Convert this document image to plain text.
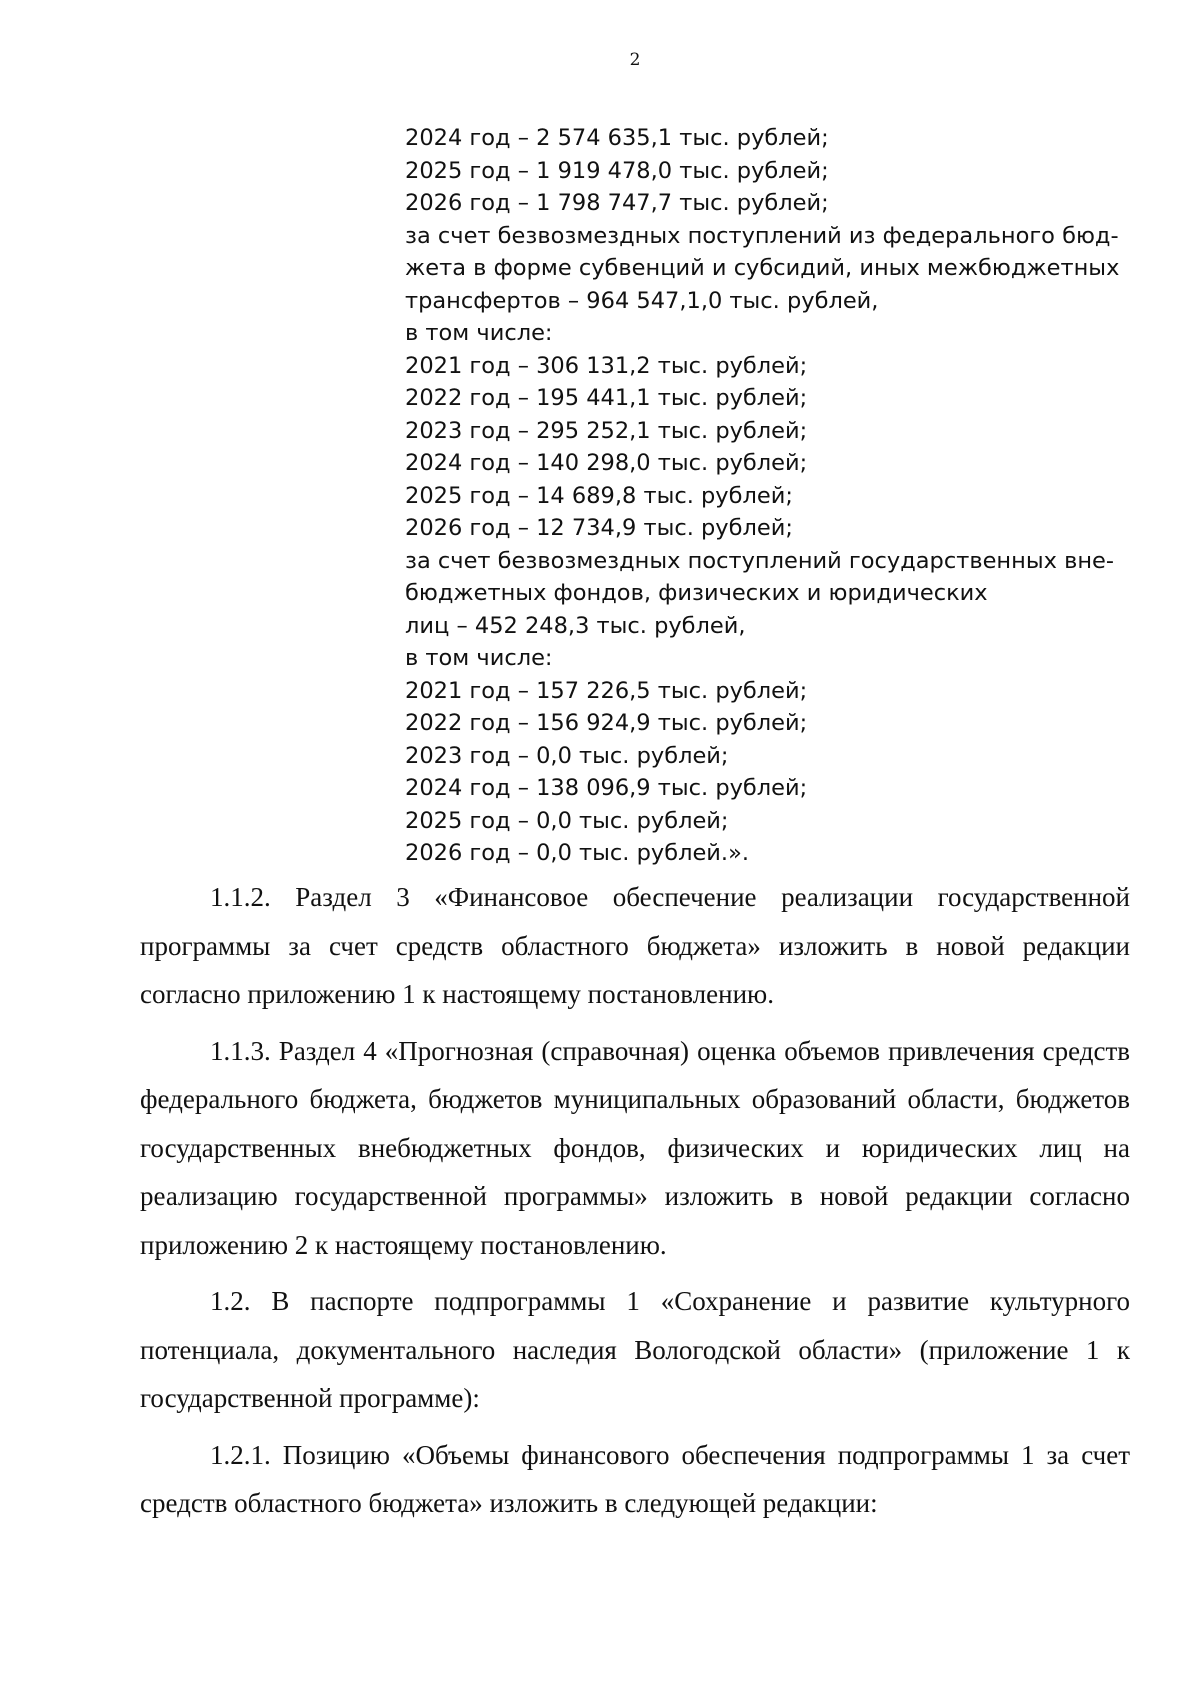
2
2024 год – 2 574 635,1 тыс. рублей;
2025 год – 1 919 478,0 тыс. рублей;
2026 год – 1 798 747,7 тыс. рублей;
за счет безвозмездных поступлений из федерального бюд-
жета в форме субвенций и субсидий, иных межбюджетных
трансфертов – 964 547,1,0 тыс. рублей,
в том числе:
2021 год – 306 131,2 тыс. рублей;
2022 год – 195 441,1 тыс. рублей;
2023 год – 295 252,1 тыс. рублей;
2024 год – 140 298,0 тыс. рублей;
2025 год – 14 689,8 тыс. рублей;
2026 год – 12 734,9 тыс. рублей;
за счет безвозмездных поступлений государственных вне-
бюджетных фондов, физических и юридических
лиц – 452 248,3 тыс. рублей,
в том числе:
2021 год – 157 226,5 тыс. рублей;
2022 год – 156 924,9 тыс. рублей;
2023 год – 0,0 тыс. рублей;
2024 год – 138 096,9 тыс. рублей;
2025 год – 0,0 тыс. рублей;
2026 год – 0,0 тыс. рублей.».

1.1.2. Раздел 3 «Финансовое обеспечение реализации государственной программы за счет средств областного бюджета» изложить в новой редакции согласно приложению 1 к настоящему постановлению.

1.1.3. Раздел 4 «Прогнозная (справочная) оценка объемов привлечения средств федерального бюджета, бюджетов муниципальных образований области, бюджетов государственных внебюджетных фондов, физических и юридических лиц на реализацию государственной программы» изложить в новой редакции согласно приложению 2 к настоящему постановлению.

1.2. В паспорте подпрограммы 1 «Сохранение и развитие культурного потенциала, документального наследия Вологодской области» (приложение 1 к государственной программе):

1.2.1. Позицию «Объемы финансового обеспечения подпрограммы 1 за счет средств областного бюджета» изложить в следующей редакции:
